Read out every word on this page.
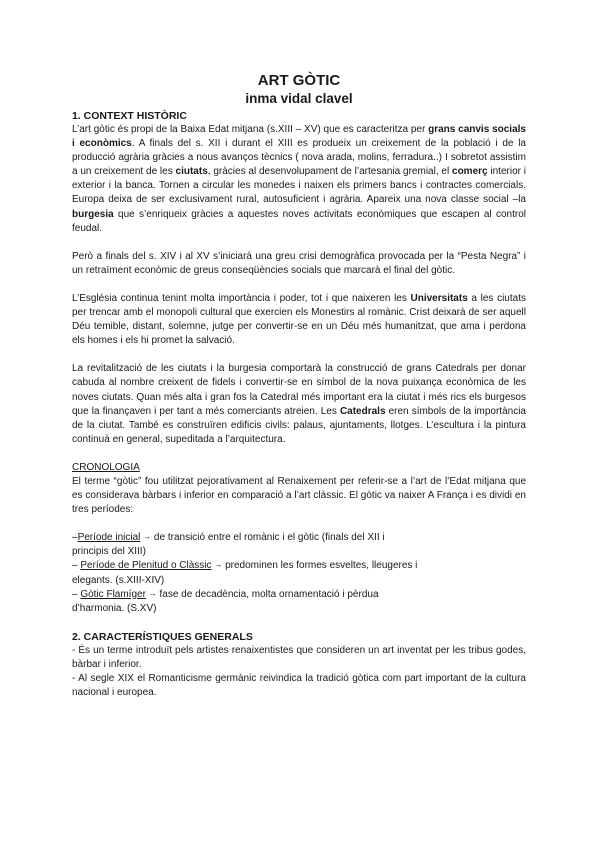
ART GÒTIC
inma vidal clavel
1. CONTEXT HISTÒRIC

L’art gòtic és propi de la Baixa Edat mitjana (s.XIII – XV) que es caracteritza per grans canvis socials i econòmics. A finals del s. XII i durant el XIII es produeix un creixement de la població i de la producció agrària gràcies a nous avanços tècnics ( nova arada, molins, ferradura..) I sobretot assistim a un creixement de les ciutats, gràcies al desenvolupament de l’artesania gremial, el comerç interior i exterior i la banca. Tornen a circular les monedes i naixen els primers bancs i contractes comercials. Europa deixa de ser exclusivament rural, autosuficient i agrària. Apareix una nova classe social –la burgesia que s’enriqueix gràcies a aquestes noves activitats econòmiques que escapen al control feudal.

Però a finals del s. XIV i al XV s’iniciarà una greu crisi demogràfica provocada per la “Pesta Negra” i un retraïment econòmic de greus conseqüències socials que marcarà el final del gòtic.

L’Església continua tenint molta importància i poder, tot i que naixeren les Universitats a les ciutats per trencar amb el monopoli cultural que exercien els Monestirs al romànic. Crist deixarà de ser aquell Déu temible, distant, solemne, jutge per convertir-se en un Déu més humanitzat, que ama i perdona els homes i els hi promet la salvació.

La revitalització de les ciutats i la burgesia comportarà la construcció de grans Catedrals per donar cabuda al nombre creixent de fidels i convertir-se en símbol de la nova puixança econòmica de les noves ciutats. Quan més alta i gran fos la Catedral més important era la ciutat i més rics els burgesos que la finançaven i per tant a més comerciants atreien. Les Catedrals eren símbols de la importància de la ciutat. També es construïren edificis civils: palaus, ajuntaments, llotges. L’escultura i la pintura continuà en general, supeditada a l’arquitectura.

CRONOLOGIA

El terme “gòtic” fou utilitzat pejorativament al Renaixement per referir-se a l’art de l’Edat mitjana que es considerava bàrbars i inferior en comparació a l’art clàssic. El gòtic va naixer A França i es dividi en tres períodes:

–Període inicial → de transició entre el romànic i el gòtic (finals del XII i
principis del XIII)

– Període de Plenitud o Clàssic → predominen les formes esveltes, lleugeres i
elegants. (s.XIII-XIV)

– Gòtic Flamíger → fase de decadència, molta ornamentació i pèrdua
d’harmonia. (S.XV)

2. CARACTERÍSTIQUES GENERALS

- És un terme introduït pels artistes renaixentistes que consideren un art inventat per les tribus godes, bàrbar i inferior.

- Al segle XIX el Romanticisme germànic reivindica la tradició gòtica com part important de la cultura nacional i europea.
